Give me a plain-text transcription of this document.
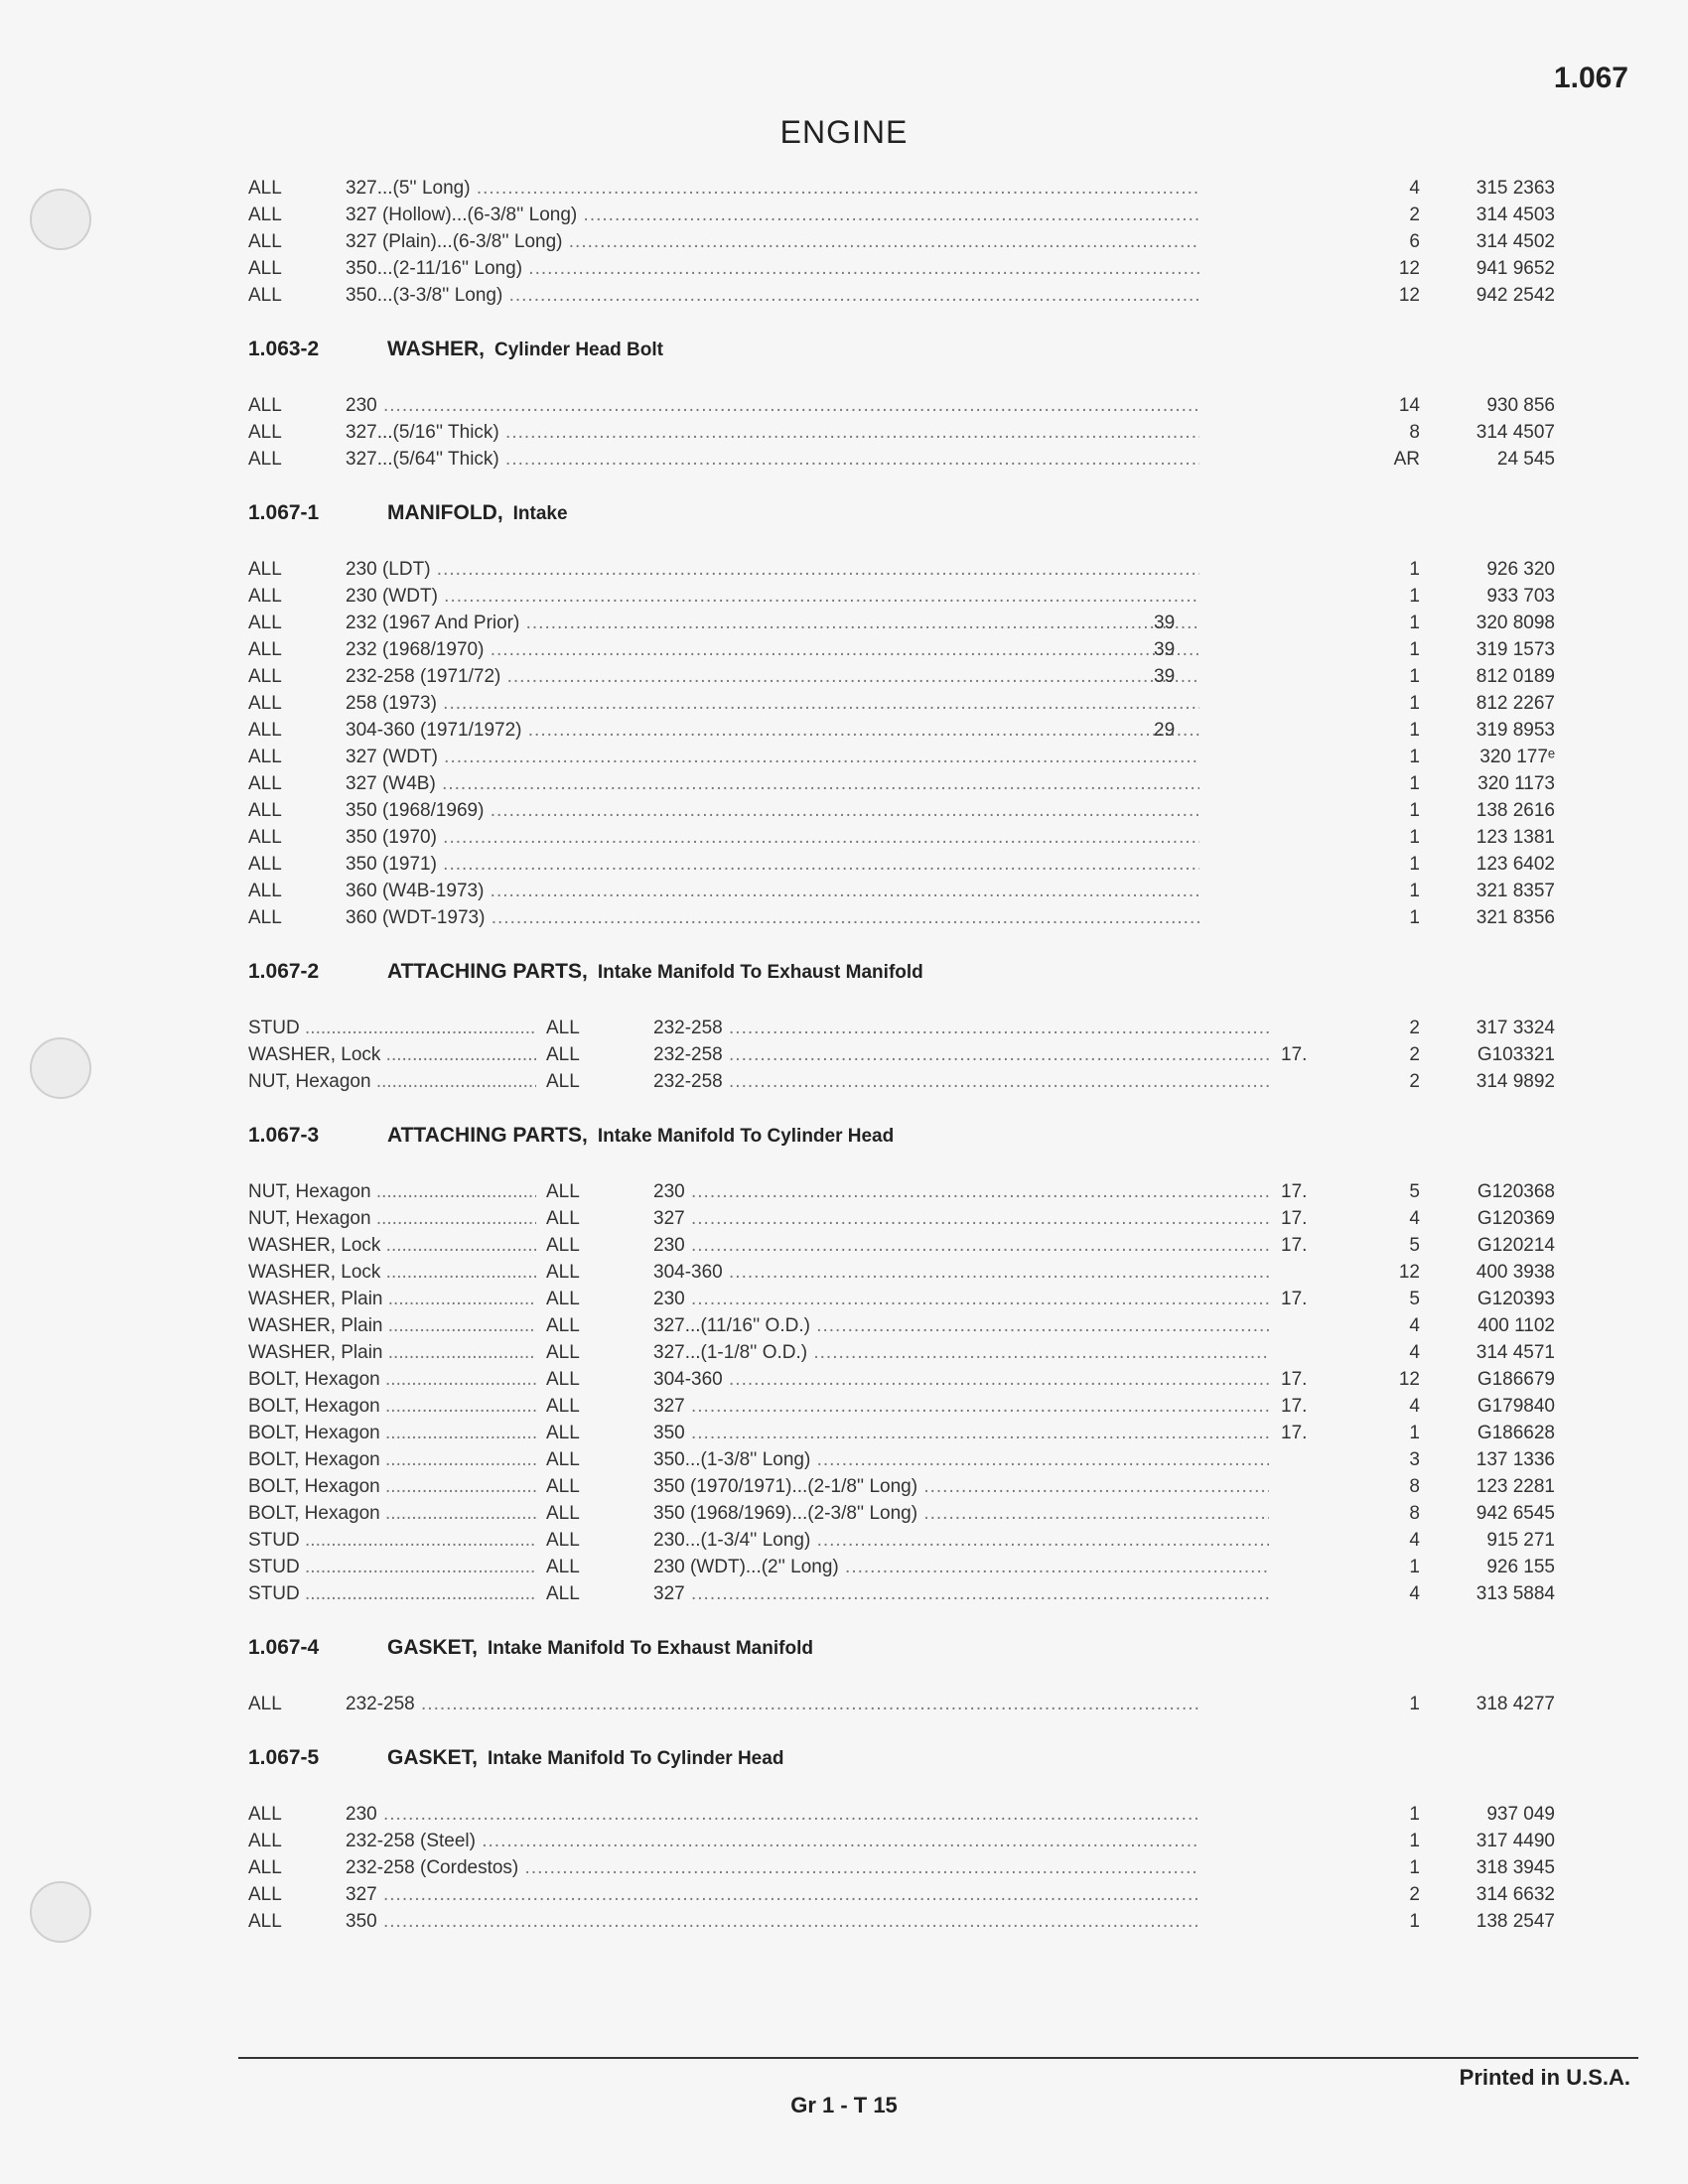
1.067
ENGINE
ALL	327...(5'' Long) .....	4	315 2363
ALL	327 (Hollow)...(6-3/8'' Long) .....	2	314 4503
ALL	327 (Plain)...(6-3/8'' Long) .....	6	314 4502
ALL	350...(2-11/16'' Long) .....	12	941 9652
ALL	350...(3-3/8'' Long) .....	12	942 2542
1.063-2	WASHER, Cylinder Head Bolt
ALL	230 .....	14	930 856
ALL	327...(5/16'' Thick) .....	8	314 4507
ALL	327...(5/64'' Thick) .....	AR	24 545
1.067-1	MANIFOLD, Intake
ALL	230 (LDT) .....	1	926 320
ALL	230 (WDT) .....	1	933 703
ALL	232 (1967 And Prior) .....	39	1	320 8098
ALL	232 (1968/1970) .....	39	1	319 1573
ALL	232-258 (1971/72) .....	39	1	812 0189
ALL	258 (1973) .....	1	812 2267
ALL	304-360 (1971/1972) .....	29	1	319 8953
ALL	327 (WDT) .....	1	320 177ᵉ
ALL	327 (W4B) .....	1	320 1173
ALL	350 (1968/1969) .....	1	138 2616
ALL	350 (1970) .....	1	123 1381
ALL	350 (1971) .....	1	123 6402
ALL	360 (W4B-1973) .....	1	321 8357
ALL	360 (WDT-1973) .....	1	321 8356
1.067-2	ATTACHING PARTS, Intake Manifold To Exhaust Manifold
STUD .....	ALL	232-258 .....	2	317 3324
WASHER, Lock .....	ALL	232-258 .....	17.	2	G103321
NUT, Hexagon .....	ALL	232-258 .....	2	314 9892
1.067-3	ATTACHING PARTS, Intake Manifold To Cylinder Head
NUT, Hexagon .....	ALL	230 .....	17.	5	G120368
NUT, Hexagon .....	ALL	327 .....	17.	4	G120369
WASHER, Lock .....	ALL	230 .....	17.	5	G120214
WASHER, Lock .....	ALL	304-360 .....	12	400 3938
WASHER, Plain .....	ALL	230 .....	17.	5	G120393
WASHER, Plain .....	ALL	327...(11/16'' O.D.) .....	4	400 1102
WASHER, Plain .....	ALL	327...(1-1/8'' O.D.) .....	4	314 4571
BOLT, Hexagon .....	ALL	304-360 .....	17.	12	G186679
BOLT, Hexagon .....	ALL	327 .....	17.	4	G179840
BOLT, Hexagon .....	ALL	350 .....	17.	1	G186628
BOLT, Hexagon .....	ALL	350...(1-3/8'' Long) .....	3	137 1336
BOLT, Hexagon .....	ALL	350 (1970/1971)...(2-1/8'' Long) .....	8	123 2281
BOLT, Hexagon .....	ALL	350 (1968/1969)...(2-3/8'' Long) .....	8	942 6545
STUD .....	ALL	230...(1-3/4'' Long) .....	4	915 271
STUD .....	ALL	230 (WDT)...(2'' Long) .....	1	926 155
STUD .....	ALL	327 .....	4	313 5884
1.067-4	GASKET, Intake Manifold To Exhaust Manifold
ALL	232-258 .....	1	318 4277
1.067-5	GASKET, Intake Manifold To Cylinder Head
ALL	230 .....	1	937 049
ALL	232-258 (Steel) .....	1	317 4490
ALL	232-258 (Cordestos) .....	1	318 3945
ALL	327 .....	2	314 6632
ALL	350 .....	1	138 2547
Printed in U.S.A.
Gr 1 - T 15
